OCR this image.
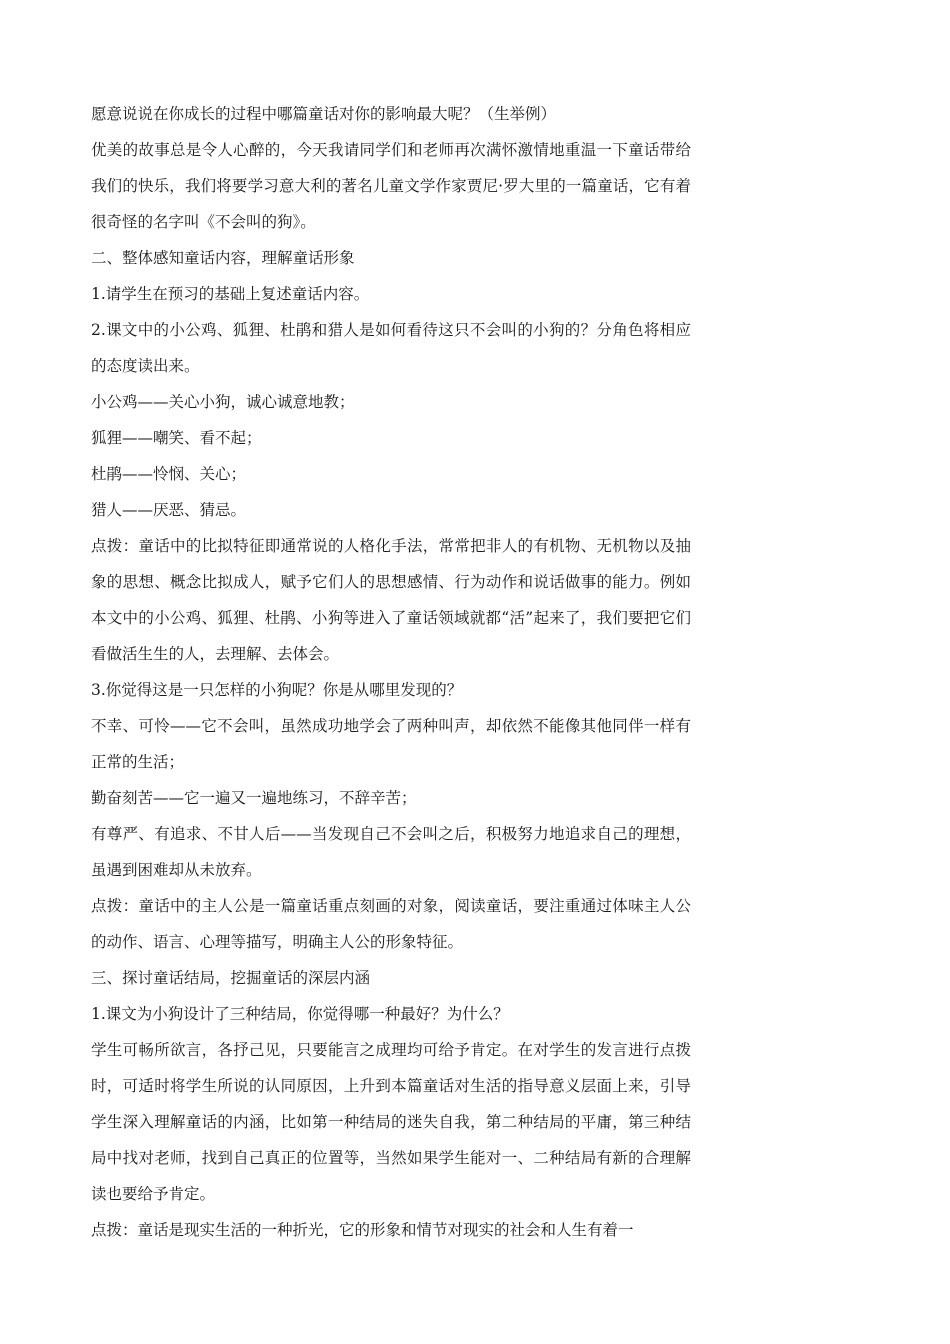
愿意说说在你成长的过程中哪篇童话对你的影响最大呢？（生举例）

优美的故事总是令人心醉的，今天我请同学们和老师再次满怀激情地重温一下童话带给我们的快乐，我们将要学习意大利的著名儿童文学作家贾尼·罗大里的一篇童话，它有着很奇怪的名字叫《不会叫的狗》。

二、整体感知童话内容，理解童话形象

1.请学生在预习的基础上复述童话内容。

2.课文中的小公鸡、狐狸、杜鹃和猎人是如何看待这只不会叫的小狗的？分角色将相应的态度读出来。

小公鸡——关心小狗，诚心诚意地教；

狐狸——嘲笑、看不起；

杜鹃——怜悯、关心；

猎人——厌恶、猜忌。

点拨：童话中的比拟特征即通常说的人格化手法，常常把非人的有机物、无机物以及抽象的思想、概念比拟成人，赋予它们人的思想感情、行为动作和说话做事的能力。例如本文中的小公鸡、狐狸、杜鹃、小狗等进入了童话领域就都“活”起来了，我们要把它们看做活生生的人，去理解、去体会。

3.你觉得这是一只怎样的小狗呢？你是从哪里发现的？

不幸、可怜——它不会叫，虽然成功地学会了两种叫声，却依然不能像其他同伴一样有正常的生活；

勤奋刻苦——它一遍又一遍地练习，不辞辛苦；

有尊严、有追求、不甘人后——当发现自己不会叫之后，积极努力地追求自己的理想，虽遇到困难却从未放弃。

点拨：童话中的主人公是一篇童话重点刻画的对象，阅读童话，要注重通过体味主人公的动作、语言、心理等描写，明确主人公的形象特征。

三、探讨童话结局，挖掘童话的深层内涵

1.课文为小狗设计了三种结局，你觉得哪一种最好？为什么？

学生可畅所欲言，各抒己见，只要能言之成理均可给予肯定。在对学生的发言进行点拨时，可适时将学生所说的认同原因，上升到本篇童话对生活的指导意义层面上来，引导学生深入理解童话的内涵，比如第一种结局的迷失自我，第二种结局的平庸，第三种结局中找对老师，找到自己真正的位置等，当然如果学生能对一、二种结局有新的合理解读也要给予肯定。

点拨：童话是现实生活的一种折光，它的形象和情节对现实的社会和人生有着一
